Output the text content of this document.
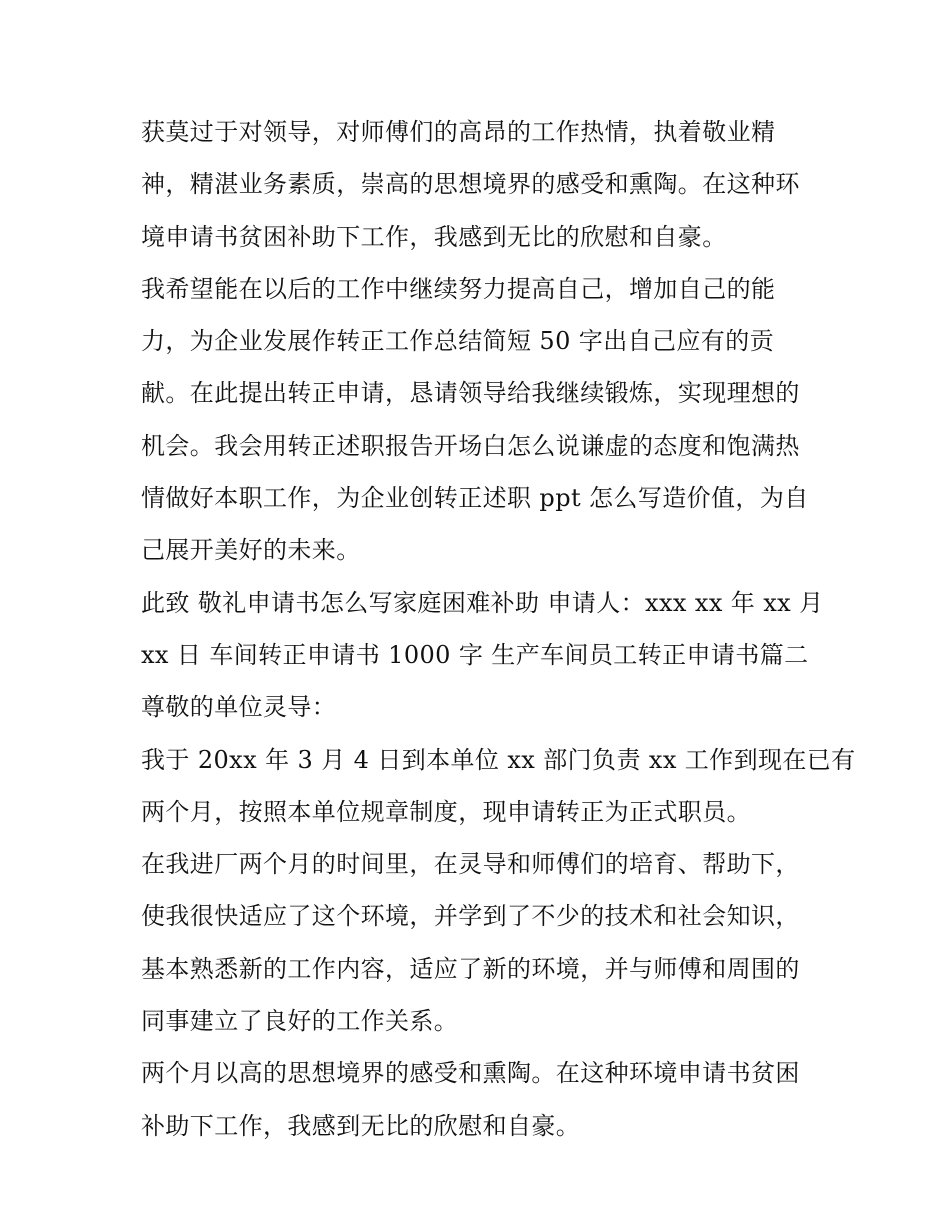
获莫过于对领导，对师傅们的高昂的工作热情，执着敬业精
神，精湛业务素质，崇高的思想境界的感受和熏陶。在这种环
境申请书贫困补助下工作，我感到无比的欣慰和自豪。
我希望能在以后的工作中继续努力提高自己，增加自己的能
力，为企业发展作转正工作总结简短 50 字出自己应有的贡
献。在此提出转正申请，恳请领导给我继续锻炼，实现理想的
机会。我会用转正述职报告开场白怎么说谦虚的态度和饱满热
情做好本职工作，为企业创转正述职 ppt 怎么写造价值，为自
己展开美好的未来。
此致 敬礼申请书怎么写家庭困难补助 申请人：xxx xx 年 xx 月
xx 日 车间转正申请书 1000 字 生产车间员工转正申请书篇二
尊敬的单位灵导：
我于 20xx 年 3 月 4 日到本单位 xx 部门负责 xx 工作到现在已有
两个月，按照本单位规章制度，现申请转正为正式职员。
在我进厂两个月的时间里，在灵导和师傅们的培育、帮助下，
使我很快适应了这个环境，并学到了不少的技术和社会知识，
基本熟悉新的工作内容，适应了新的环境，并与师傅和周围的
同事建立了良好的工作关系。
两个月以高的思想境界的感受和熏陶。在这种环境申请书贫困
补助下工作，我感到无比的欣慰和自豪。
